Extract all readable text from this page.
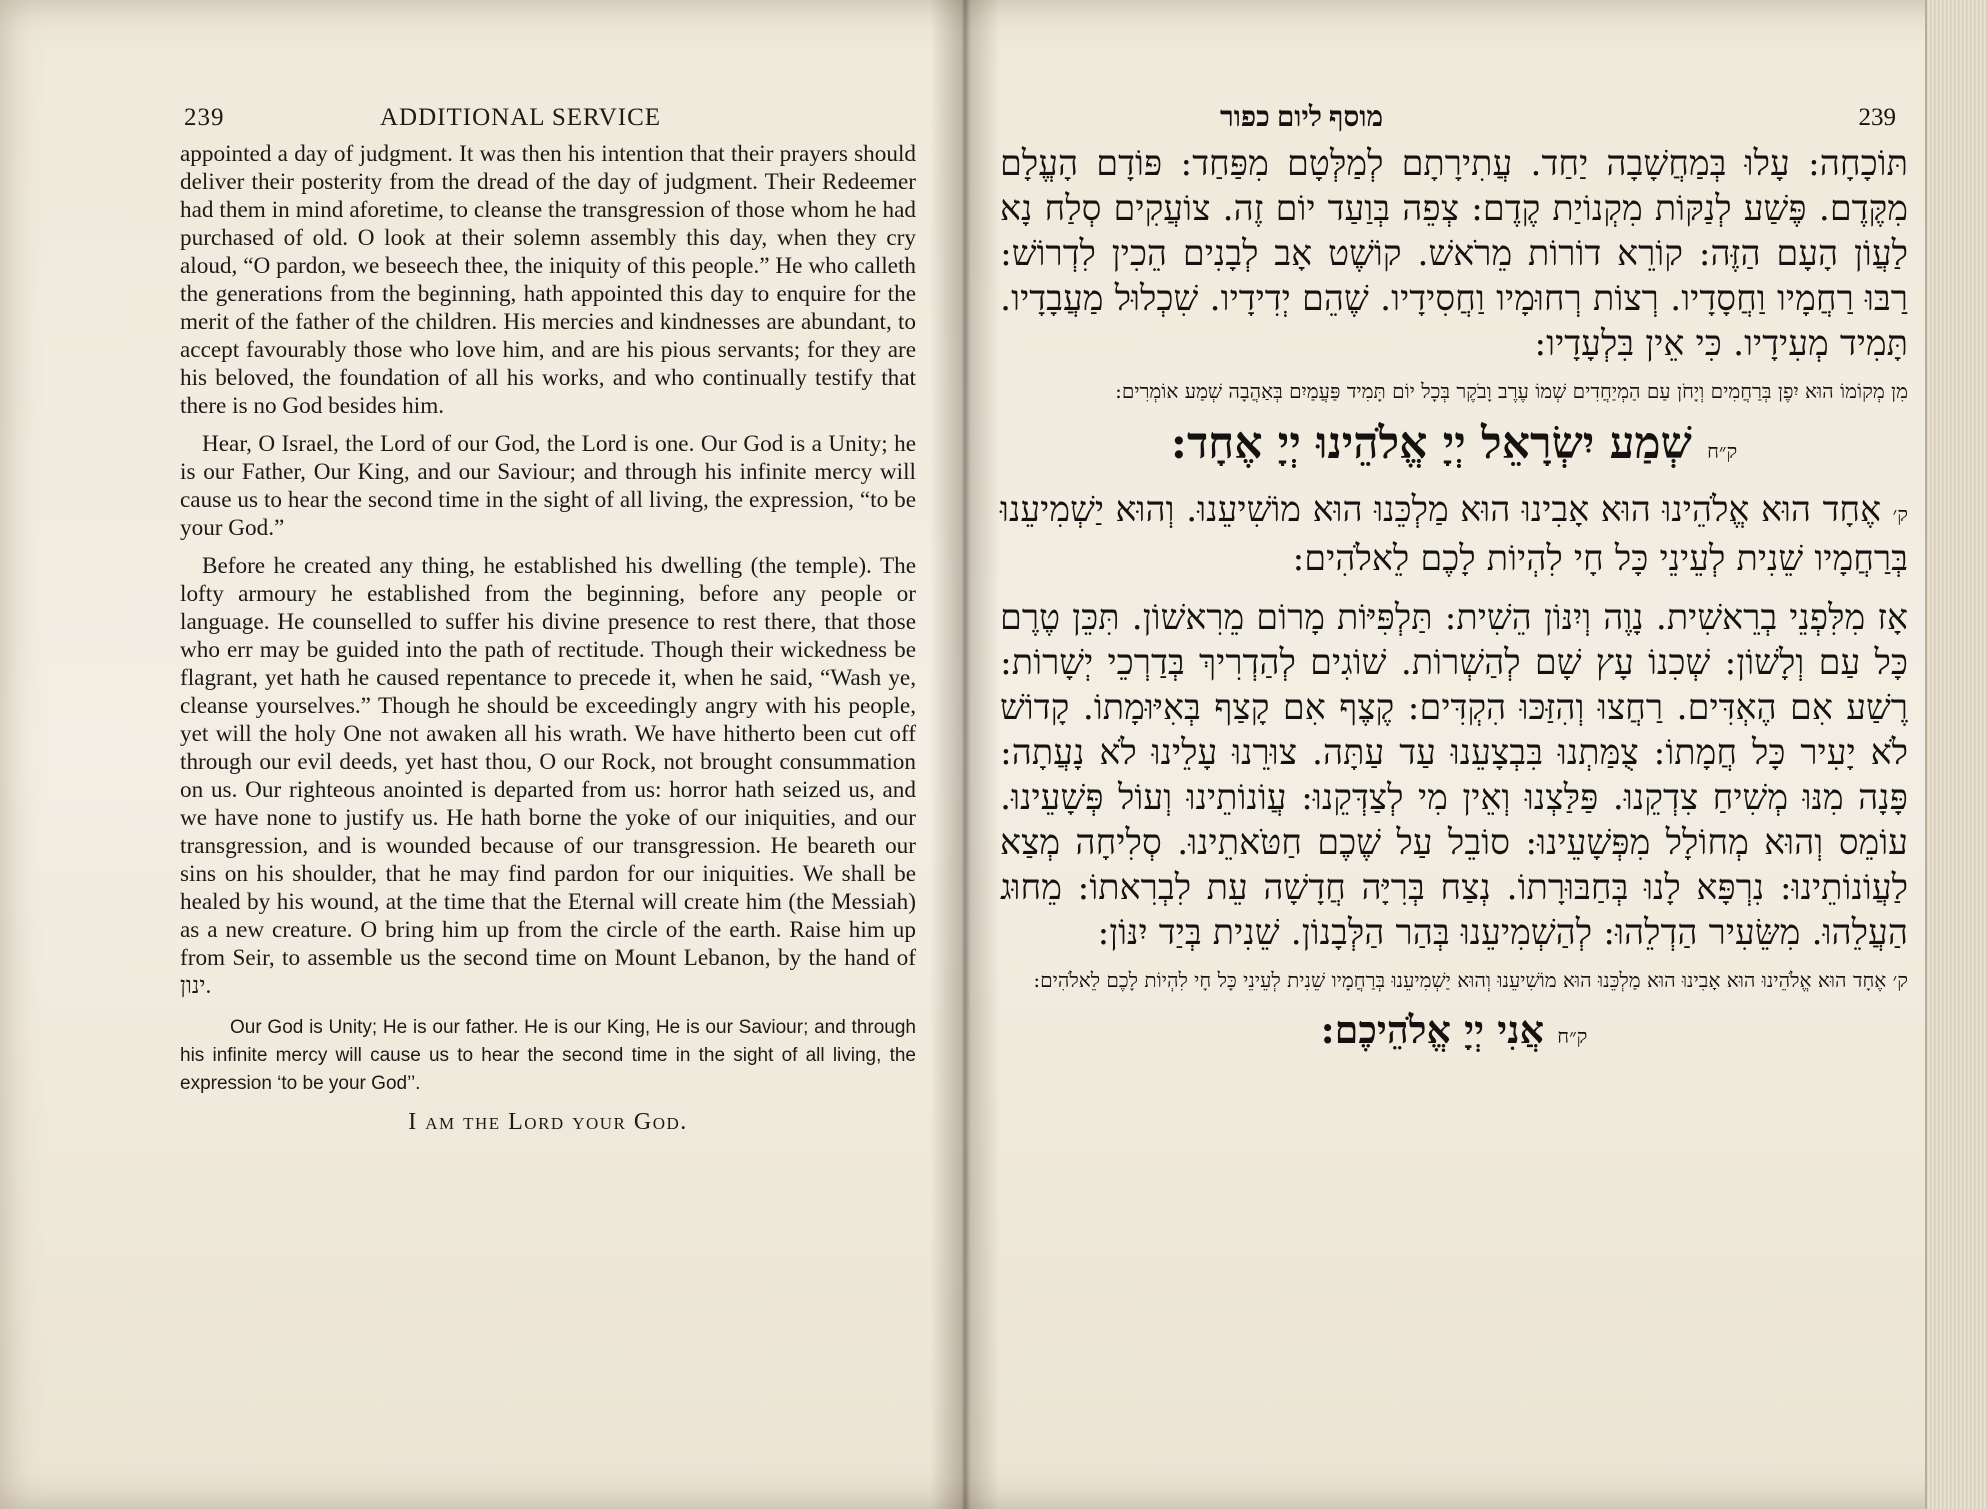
239	ADDITIONAL SERVICE

appointed a day of judgment. It was then his intention that their prayers should deliver their posterity from the dread of the day of judgment. Their Redeemer had them in mind aforetime, to cleanse the transgression of those whom he had purchased of old. O look at their solemn assembly this day, when they cry aloud, “O pardon, we beseech thee, the iniquity of this people.” He who calleth the generations from the beginning, hath appointed this day to enquire for the merit of the father of the children. His mercies and kindnesses are abundant, to accept favourably those who love him, and are his pious servants; for they are his beloved, the foundation of all his works, and who continually testify that there is no God besides him.

Hear, O Israel, the Lord of our God, the Lord is one. Our God is a Unity; he is our Father, Our King, and our Saviour; and through his infinite mercy will cause us to hear the second time in the sight of all living, the expression, “to be your God.”

Before he created any thing, he established his dwelling (the temple). The lofty armoury he established from the beginning, before any people or language. He counselled to suffer his divine presence to rest there, that those who err may be guided into the path of rectitude. Though their wickedness be flagrant, yet hath he caused repentance to precede it, when he said, “Wash ye, cleanse yourselves.” Though he should be exceedingly angry with his people, yet will the holy One not awaken all his wrath. We have hitherto been cut off through our evil deeds, yet hast thou, O our Rock, not brought consummation on us. Our righteous anointed is departed from us: horror hath seized us, and we have none to justify us. He hath borne the yoke of our iniquities, and our transgression, and is wounded because of our transgression. He beareth our sins on his shoulder, that he may find pardon for our iniquities. We shall be healed by his wound, at the time that the Eternal will create him (the Messiah) as a new creature. O bring him up from the circle of the earth. Raise him up from Seir, to assemble us the second time on Mount Lebanon, by the hand of ינון.

Our God is Unity; He is our father. He is our King, He is our Saviour; and through his infinite mercy will cause us to hear the second time in the sight of all living, the expression ‘to be your God’’.

I am the Lord your God.

מוסף ליום כפור	239

תּוֹכָחָה: עָלוּ בְּמַחֲשָׁבָה יַחַד. עֲתִירָתָם לְמַלְּטָם מִפַּחַד: פּוֹדָם הָעֱלָם מִקֶּדֶם. פֶּשַׁע לְנַקּוֹת מִקְנוֹיַת קֶדֶם: צְפֵה בְּוַעַד יוֹם זֶה. צוֹעֲקִים סְלַח נָא לַעֲוֹן הָעָם הַזֶּה: קוֹרֵא דוֹרוֹת מֵרֹאשׁ. קוֹשֶׁט אָב לְבָנִים הֵכִין לִדְרוֹשׁ: רַבּוּ רַחֲמָיו וַחֲסָדָיו. רְצוֹת רְחוּמָיו וַחֲסִידָיו. שֶׁהֵם יְדִידָיו. שִׁכְלוּל מַעֲבָדָיו. תָּמִיד מְעִידָיו. כִּי אֵין בִּלְעָדָיו:

מִן מְקוֹמוֹ הוּא יִפֶן בְּרַחֲמִים וְיָחֹן עַם הַמְיַחֲדִים שְׁמוֹ עֶרֶב וָבֹקֶר בְּכָל יוֹם תָּמִיד פַּעֲמַיִם בְּאַהֲבָה שְׁמַע אוֹמְרִים:

ק״ח שְׁמַע יִשְׂרָאֵל יְיָ אֱלֹהֵינוּ יְיָ אֶחָד:

ק׳ אֶחָד הוּא אֱלֹהֵינוּ הוּא אָבִינוּ הוּא מַלְכֵּנוּ הוּא מוֹשִׁיעֵנוּ. וְהוּא יַשְׁמִיעֵנוּ בְּרַחֲמָיו שֵׁנִית לְעֵינֵי כָּל חָי לִהְיוֹת לָכֶם לֵאלֹהִים:

אָז מִלִּפְנֵי בְרֵאשִׁית. נָוֶה וְיִנּוֹן הֵשִׁית: תַּלְפִּיּוֹת מָרוֹם מֵרִאשׁוֹן. תִּכֵּן טֶרֶם כָּל עַם וְלָשׁוֹן: שְׁכִנוֹ עָץ שָׁם לְהַשְׁרוֹת. שׁוֹגִים לְהַדְרִיךְ בְּדַרְכֵי יְשָׁרוֹת: רֶשַׁע אִם הֶאְדִּים. רַחֲצוּ וְהִזַּכּוּ הִקְדִּים: קֶצֶף אִם קָצַף בְּאִיּוּמָתוֹ. קָדוֹשׁ לֹא יָעִיר כָּל חֲמָתוֹ: צֻמַּתְנוּ בִּבְצָעֵנוּ עַד עַתָּה. צוּרֵנוּ עָלֵינוּ לֹא נָעֲתָה: פָּנָה מִנּוּ מְשִׁיחַ צִדְקֵנוּ. פַּלַּצְנוּ וְאֵין מִי לְצַדְּקֵנוּ: עֲוֹנוֹתֵינוּ וְעוֹל פְּשָׁעֵינוּ. עוֹמֵס וְהוּא מְחוֹלָל מִפְּשָׁעֵינוּ: סוֹבֵל עַל שֶׁכֶם חַטֹּאתֵינוּ. סְלִיחָה מְצַא לַעֲוֹנוֹתֵינוּ: נִרְפָּא לָנוּ בְּחַבּוּרָתוֹ. נְצַח בְּרִיָּה חֲדָשָׁה עֵת לִבְרִאתוֹ: מֵחוּג הַעֲלֵהוּ. מִשֵּׂעִיר הַדְלֵהוּ: לְהַשְׁמִיעֵנוּ בְּהַר הַלְּבָנוֹן. שֵׁנִית בְּיַד יִנּוֹן:

ק׳ אֶחָד הוּא אֱלֹהֵינוּ הוּא אָבִינוּ הוּא מַלְכֵּנוּ הוּא מוֹשִׁיעֵנוּ וְהוּא יַשְׁמִיעֵנוּ בְּרַחֲמָיו שֵׁנִית לְעֵינֵי כָּל חָי לִהְיוֹת לָכֶם לֵאלֹהִים:

ק״ח אֲנִי יְיָ אֱלֹהֵיכֶם:
